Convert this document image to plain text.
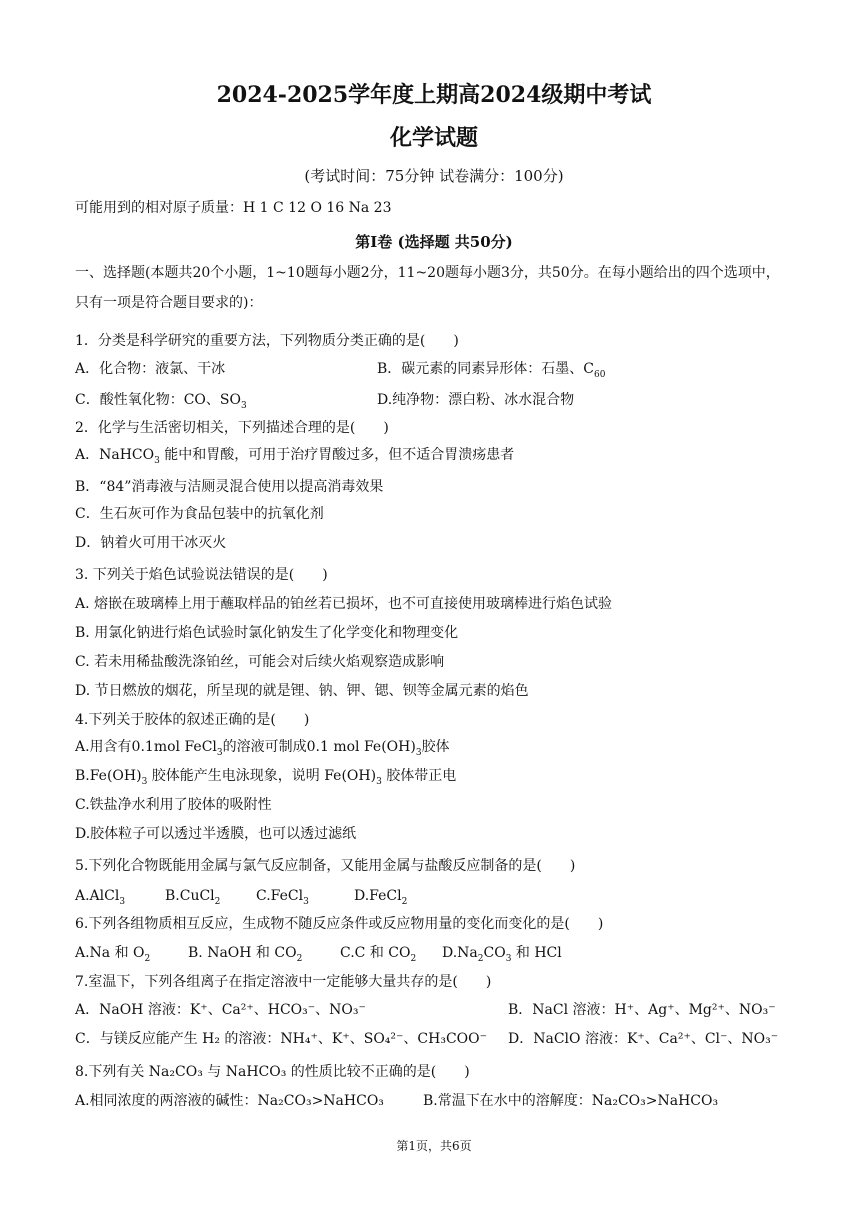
2024-2025学年度上期高2024级期中考试
化学试题
(考试时间：75分钟 试卷满分：100分)
可能用到的相对原子质量：H 1 C 12 O 16 Na 23
第Ⅰ卷 (选择题 共50分)
一、选择题(本题共20个小题，1~10题每小题2分，11~20题每小题3分，共50分。在每小题给出的四个选项中，只有一项是符合题目要求的)：
1．分类是科学研究的重要方法，下列物质分类正确的是(　　)
A．化合物：液氯、干冰	B．碳元素的同素异形体：石墨、$C_{60}$
C．酸性氧化物：CO、$SO_3$	D.纯净物：漂白粉、冰水混合物
2．化学与生活密切相关，下列描述合理的是(　　)
A．NaHCO$_3$ 能中和胃酸，可用于治疗胃酸过多，但不适合胃溃疡患者
B．“84”消毒液与洁厕灵混合使用以提高消毒效果
C．生石灰可作为食品包装中的抗氧化剂
D．钠着火可用干冰灭火
3. 下列关于焰色试验说法错误的是(　　)
A. 熔嵌在玻璃棒上用于蘸取样品的铂丝若已损坏，也不可直接使用玻璃棒进行焰色试验
B. 用氯化钠进行焰色试验时氯化钠发生了化学变化和物理变化
C. 若未用稀盐酸洗涤铂丝，可能会对后续火焰观察造成影响
D. 节日燃放的烟花，所呈现的就是锂、钠、钾、锶、钡等金属元素的焰色
4.下列关于胶体的叙述正确的是(　　)
A.用含有0.1mol FeCl$_3$的溶液可制成0.1 mol $Fe(OH)_3$胶体
$B.Fe(OH)_3$ 胶体能产生电泳现象，说明 $Fe(OH)_3$ 胶体带正电
C.铁盐净水利用了胶体的吸附性
D.胶体粒子可以透过半透膜，也可以透过滤纸
5.下列化合物既能用金属与氯气反应制备，又能用金属与盐酸反应制备的是(　　)
A.AlCl$_3$	B.CuCl$_2$	C.FeCl$_3$	D.FeCl$_2$
6.下列各组物质相互反应，生成物不随反应条件或反应物用量的变化而变化的是(　　)
A.Na 和 $O_2$	B. NaOH 和 $CO_2$	C.C 和 $CO_2$ $D.Na_2CO_3$ 和 HCl
7.室温下，下列各组离子在指定溶液中一定能够大量共存的是(　　)
A．NaOH 溶液：K⁺、Ca²⁺、HCO₃⁻、NO₃⁻	B．NaCl 溶液：H⁺、Ag⁺、Mg²⁺、NO₃⁻
C．与镁反应能产生 H₂ 的溶液：NH₄⁺、K⁺、SO₄²⁻、CH₃COO⁻ D．NaClO 溶液：K⁺、Ca²⁺、Cl⁻、NO₃⁻
8.下列有关 Na₂CO₃ 与 NaHCO₃ 的性质比较不正确的是(　　)
A.相同浓度的两溶液的碱性：Na₂CO₃>NaHCO₃	B.常温下在水中的溶解度：Na₂CO₃>NaHCO₃
第1页，共6页
